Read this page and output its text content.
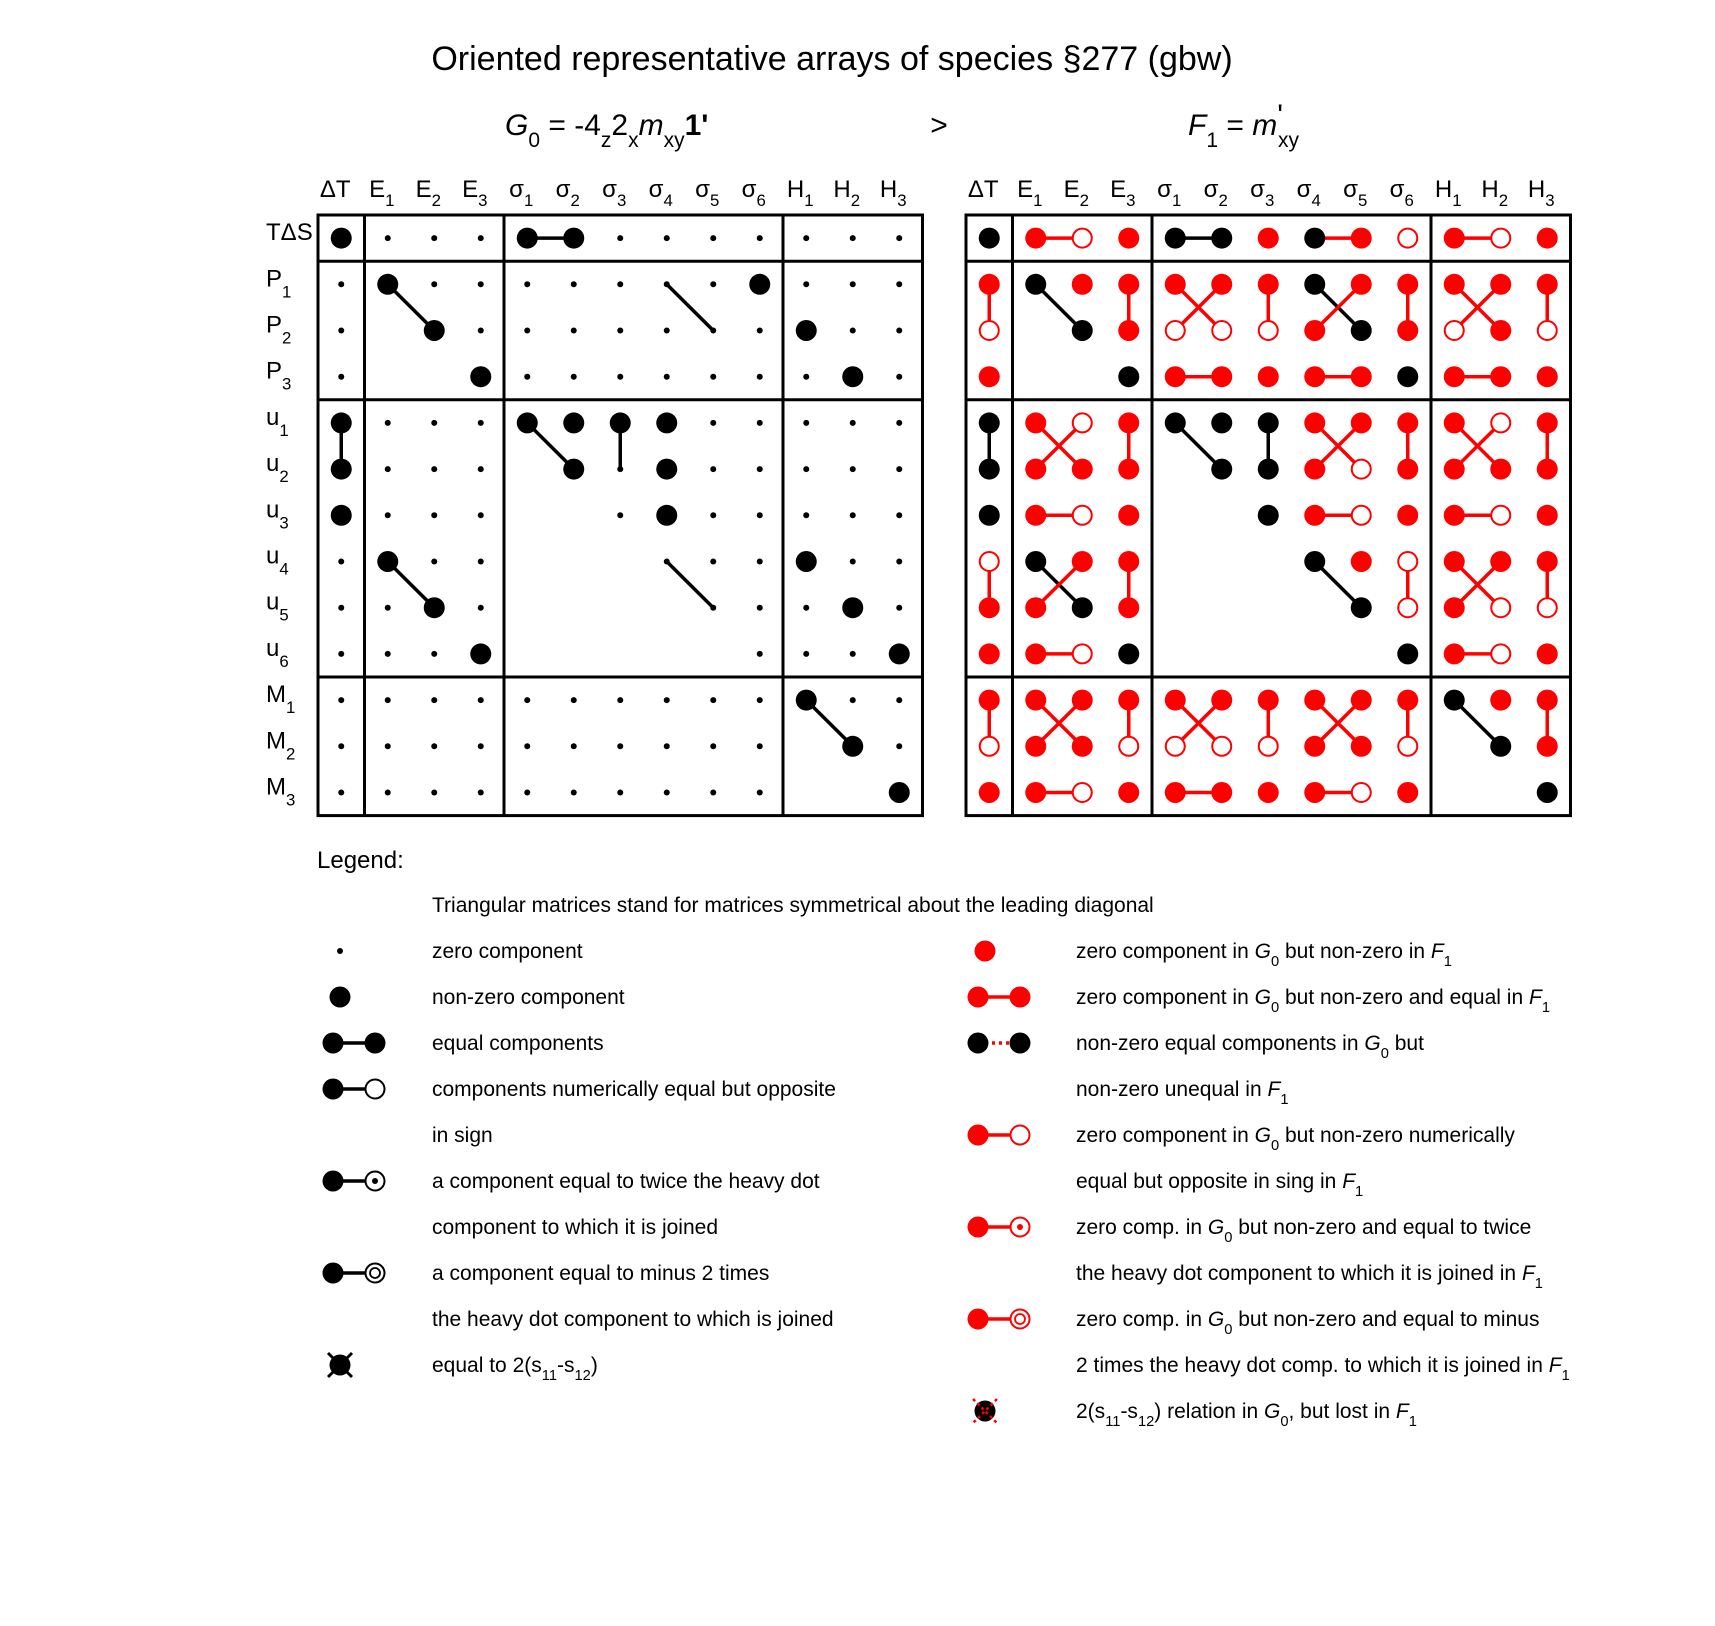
Oriented representative arrays of species §277 (gbw)
$G_0 = -4_z2_xm_{xy}1'$	>	$F_1 = m'$ xy
ΔT $E_1$ $E_2$ $E_3$ $\sigma_1$ $\sigma_2$ $\sigma_3$ $\sigma_4$ $\sigma_5$ $\sigma_6$ $H_1$ $H_2$ $H_3$
TΔS
$P_1$
$P_2$
$P_3$
$u_1$
$u_2$
$u_3$
$u_4$
$u_5$
$u_6$
$M_1$
$M_2$
$M_3$
ΔT $E_1$ $E_2$ $E_3$ $\sigma_1$ $\sigma_2$ $\sigma_3$ $\sigma_4$ $\sigma_5$ $\sigma_6$ $H_1$ $H_2$ $H_3$
Legend:
Triangular matrices stand for matrices symmetrical about the leading diagonal
zero component
non-zero component
equal components
components numerically equal but opposite
in sign
a component equal to twice the heavy dot
component to which it is joined
a component equal to minus 2 times
the heavy dot component to which is joined
equal to $2(s_{11}-s_{12})$
zero component in $G_0$ but non-zero in $F_1$
zero component in $G_0$ but non-zero and equal in $F_1$
non-zero equal components in $G_0$ but
non-zero unequal in $F_1$
zero component in $G_0$ but non-zero numerically
equal but opposite in sing in $F_1$
zero comp. in $G_0$ but non-zero and equal to twice
the heavy dot component to which it is joined in $F_1$
zero comp. in $G_0$ but non-zero and equal to minus
2 times the heavy dot comp. to which it is joined in $F_1$
$2(s_{11}-s_{12})$ relation in $G_0$, but lost in $F_1$
